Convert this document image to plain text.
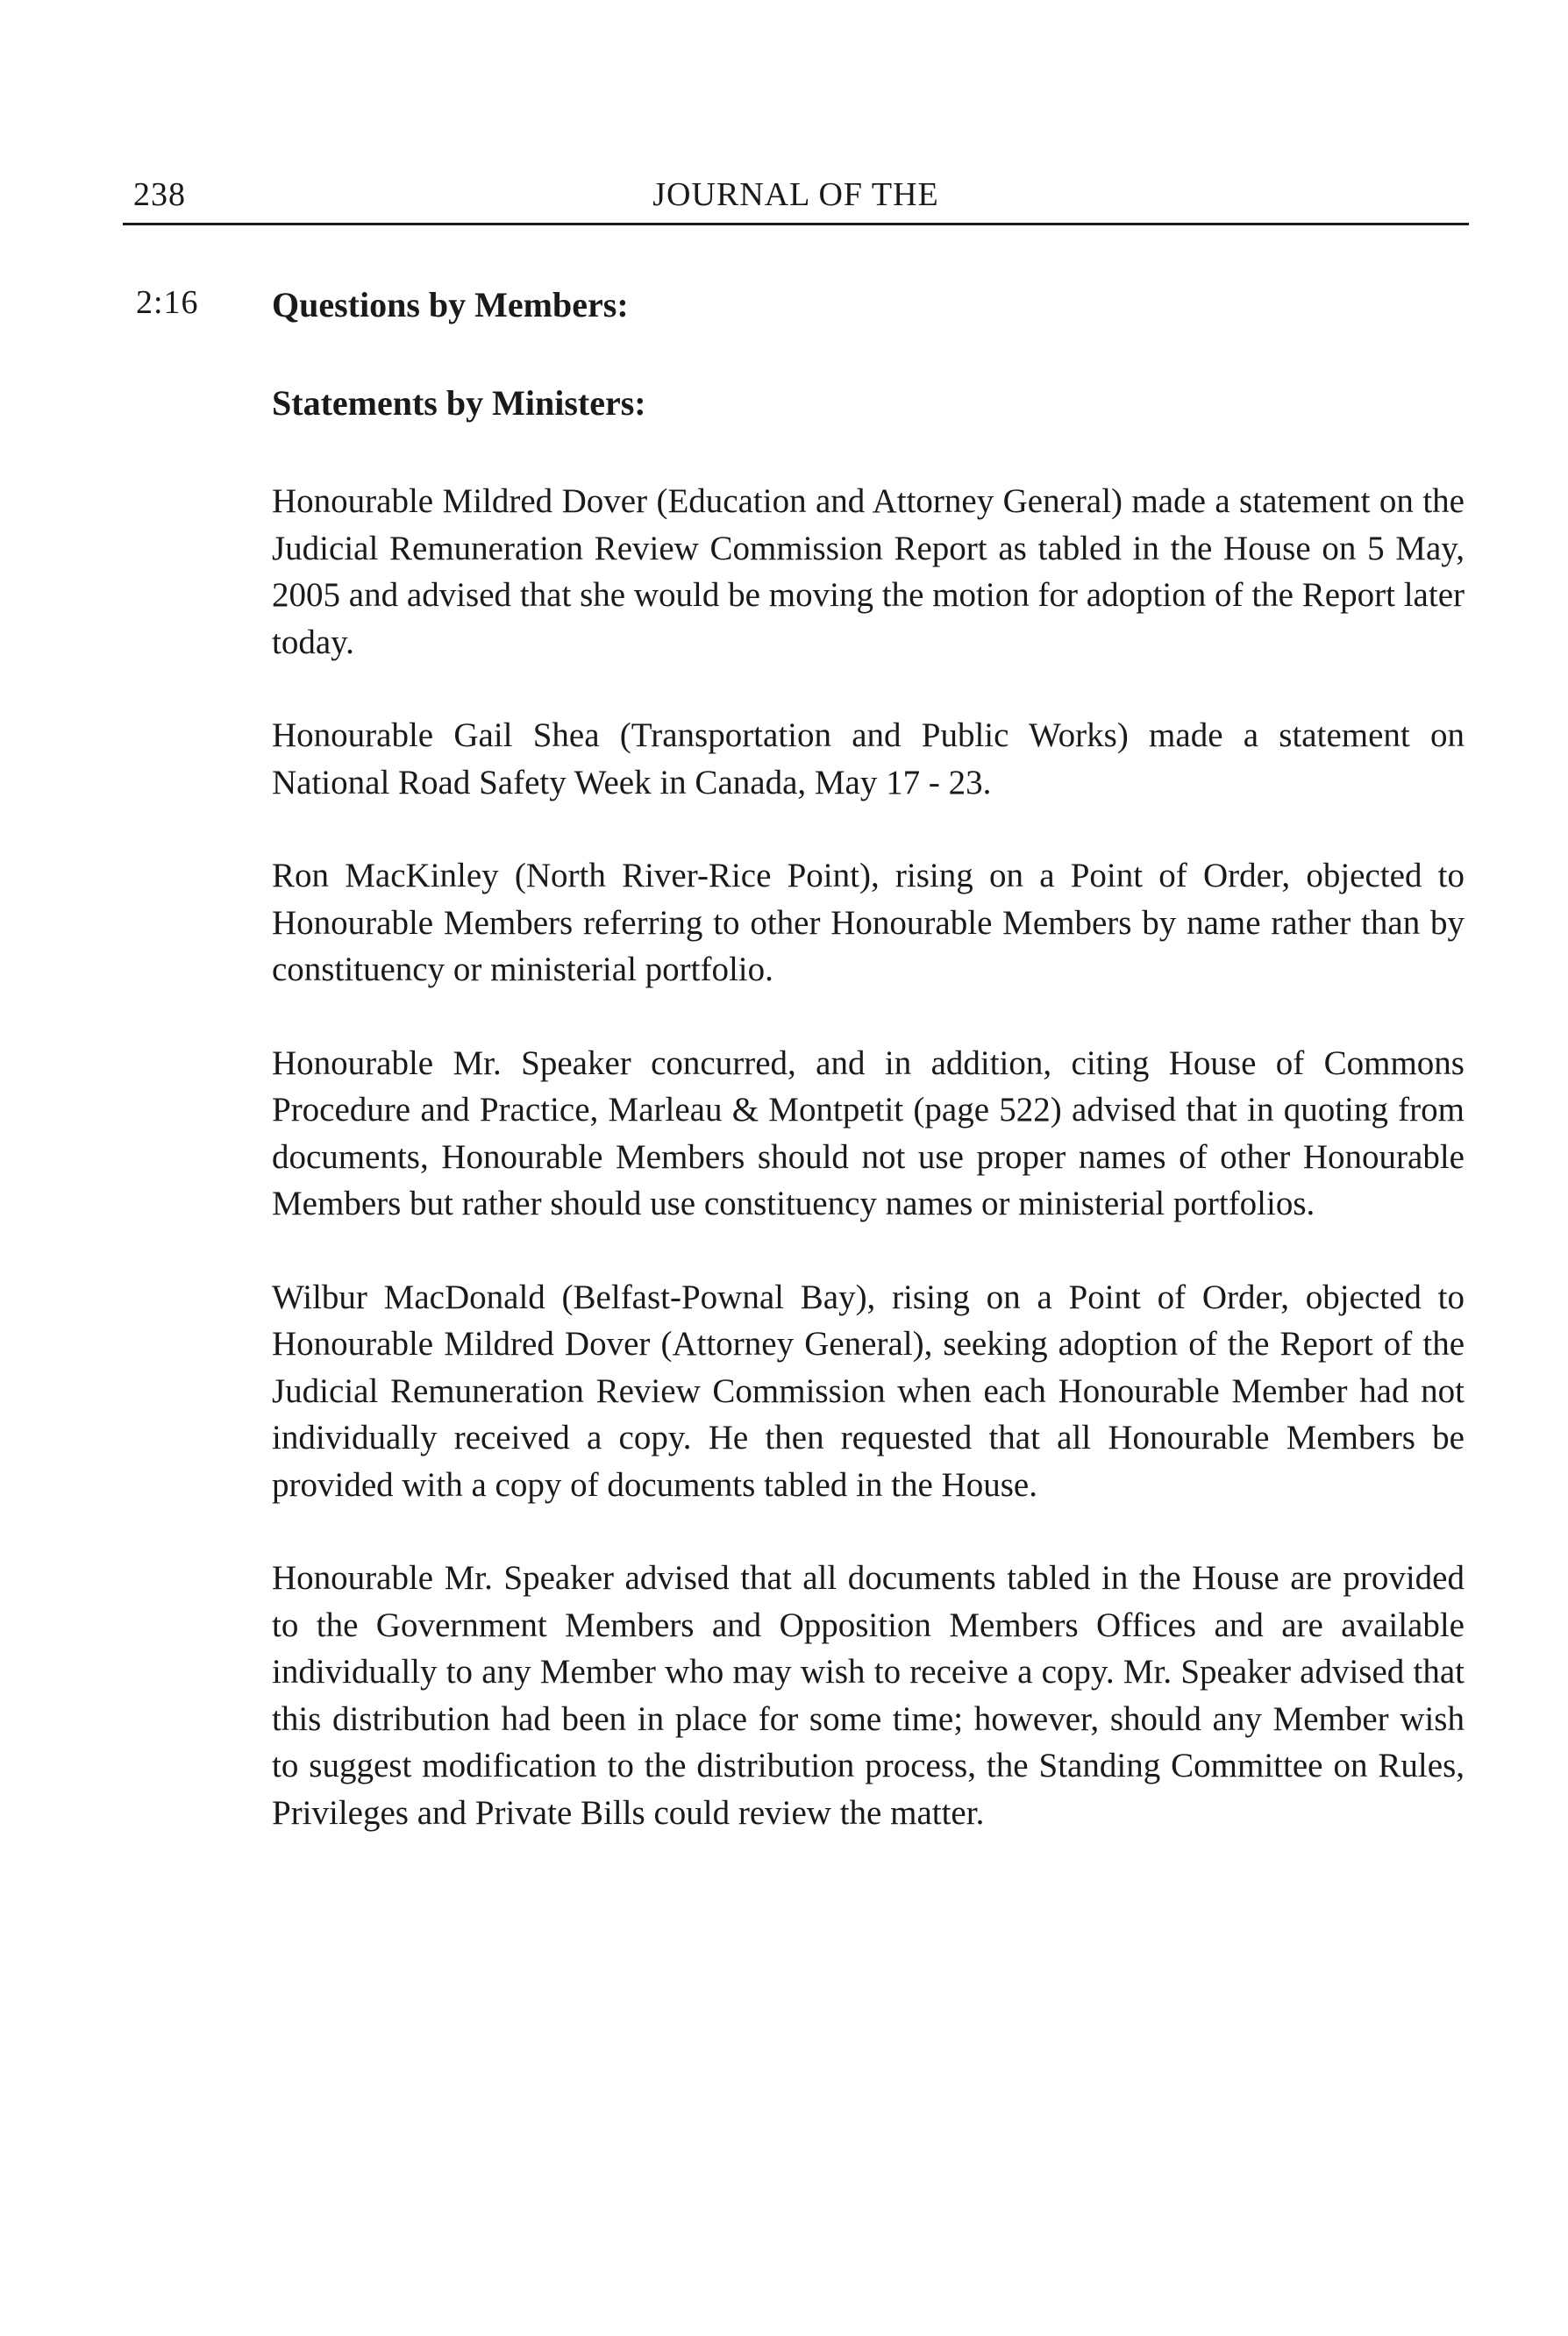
238	JOURNAL OF THE
2:16 Questions by Members:

Statements by Ministers:

Honourable Mildred Dover (Education and Attorney General) made a statement on the Judicial Remuneration Review Commission Report as tabled in the House on 5 May, 2005 and advised that she would be moving the motion for adoption of the Report later today.

Honourable Gail Shea (Transportation and Public Works) made a statement on National Road Safety Week in Canada, May 17 - 23.

Ron MacKinley (North River-Rice Point), rising on a Point of Order, objected to Honourable Members referring to other Honourable Members by name rather than by constituency or ministerial portfolio.

Honourable Mr. Speaker concurred, and in addition, citing House of Commons Procedure and Practice, Marleau & Montpetit (page 522) advised that in quoting from documents, Honourable Members should not use proper names of other Honourable Members but rather should use constituency names or ministerial portfolios.

Wilbur MacDonald (Belfast-Pownal Bay), rising on a Point of Order, objected to Honourable Mildred Dover (Attorney General), seeking adoption of the Report of the Judicial Remuneration Review Commission when each Honourable Member had not individually received a copy. He then requested that all Honourable Members be provided with a copy of documents tabled in the House.

Honourable Mr. Speaker advised that all documents tabled in the House are provided to the Government Members and Opposition Members Offices and are available individually to any Member who may wish to receive a copy. Mr. Speaker advised that this distribution had been in place for some time; however, should any Member wish to suggest modification to the distribution process, the Standing Committee on Rules, Privileges and Private Bills could review the matter.
